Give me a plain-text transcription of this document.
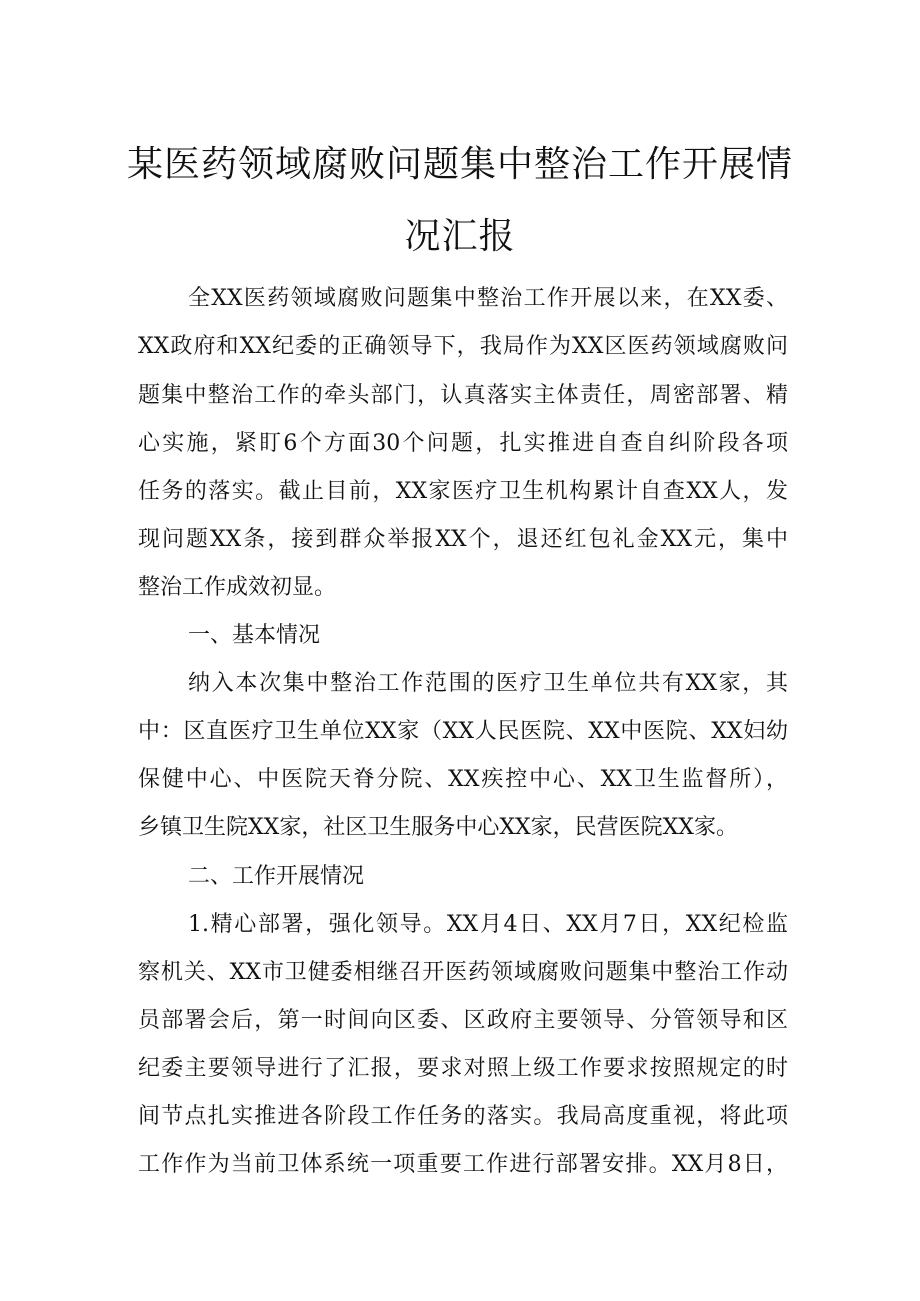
某医药领域腐败问题集中整治工作开展情
况汇报
全XX医药领域腐败问题集中整治工作开展以来，在XX委、
XX政府和XX纪委的正确领导下，我局作为XX区医药领域腐败问
题集中整治工作的牵头部门，认真落实主体责任，周密部署、精
心实施，紧盯6个方面30个问题，扎实推进自查自纠阶段各项
任务的落实。截止目前，XX家医疗卫生机构累计自查XX人，发
现问题XX条，接到群众举报XX个，退还红包礼金XX元，集中
整治工作成效初显。
一、基本情况
纳入本次集中整治工作范围的医疗卫生单位共有XX家，其
中：区直医疗卫生单位XX家（XX人民医院、XX中医院、XX妇幼
保健中心、中医院天脊分院、XX疾控中心、XX卫生监督所），
乡镇卫生院XX家，社区卫生服务中心XX家，民营医院XX家。
二、工作开展情况
1.精心部署，强化领导。XX月4日、XX月7日，XX纪检监
察机关、XX市卫健委相继召开医药领域腐败问题集中整治工作动
员部署会后，第一时间向区委、区政府主要领导、分管领导和区
纪委主要领导进行了汇报，要求对照上级工作要求按照规定的时
间节点扎实推进各阶段工作任务的落实。我局高度重视，将此项
工作作为当前卫体系统一项重要工作进行部署安排。XX月8日，
